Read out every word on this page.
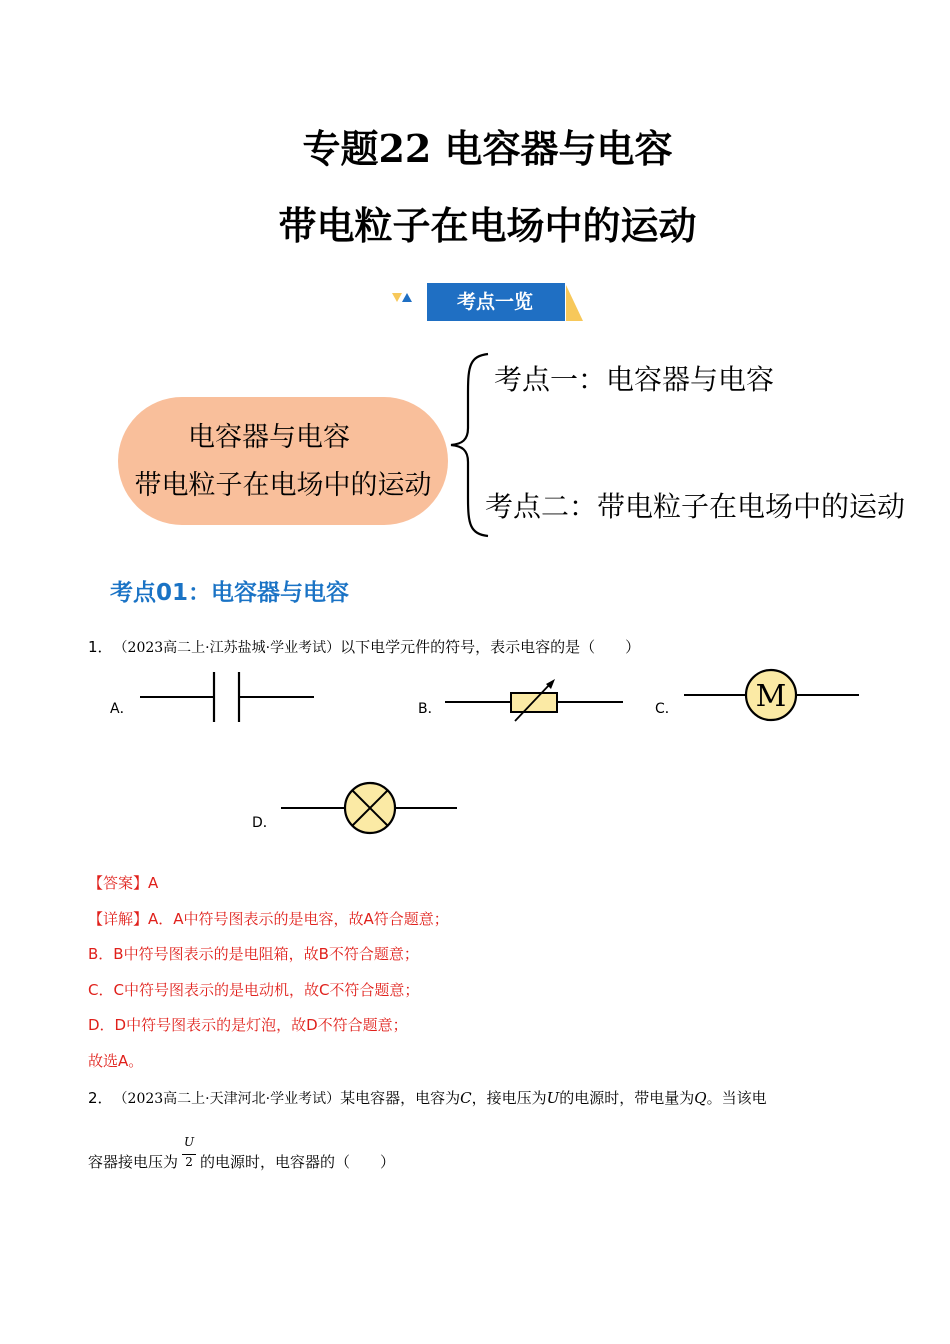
专题22 电容器与电容
带电粒子在电场中的运动
考点一览
电容器与电容
带电粒子在电场中的运动
考点一：电容器与电容
考点二：带电粒子在电场中的运动
考点01：电容器与电容
1． （2023高二上·江苏盐城·学业考试）以下电学元件的符号，表示电容的是（　　）
A．	B．	C．
D．
M
【答案】A
【详解】A．A中符号图表示的是电容，故A符合题意；
B．B中符号图表示的是电阻箱，故B不符合题意；
C．C中符号图表示的是电动机，故C不符合题意；
D．D中符号图表示的是灯泡，故D不符合题意；
故选A。
2． （2023高二上·天津河北·学业考试）某电容器，电容为C，接电压为U的电源时，带电量为Q。当该电
容器接电压为 $\frac{U}{2}$ 的电源时，电容器的（　　）
